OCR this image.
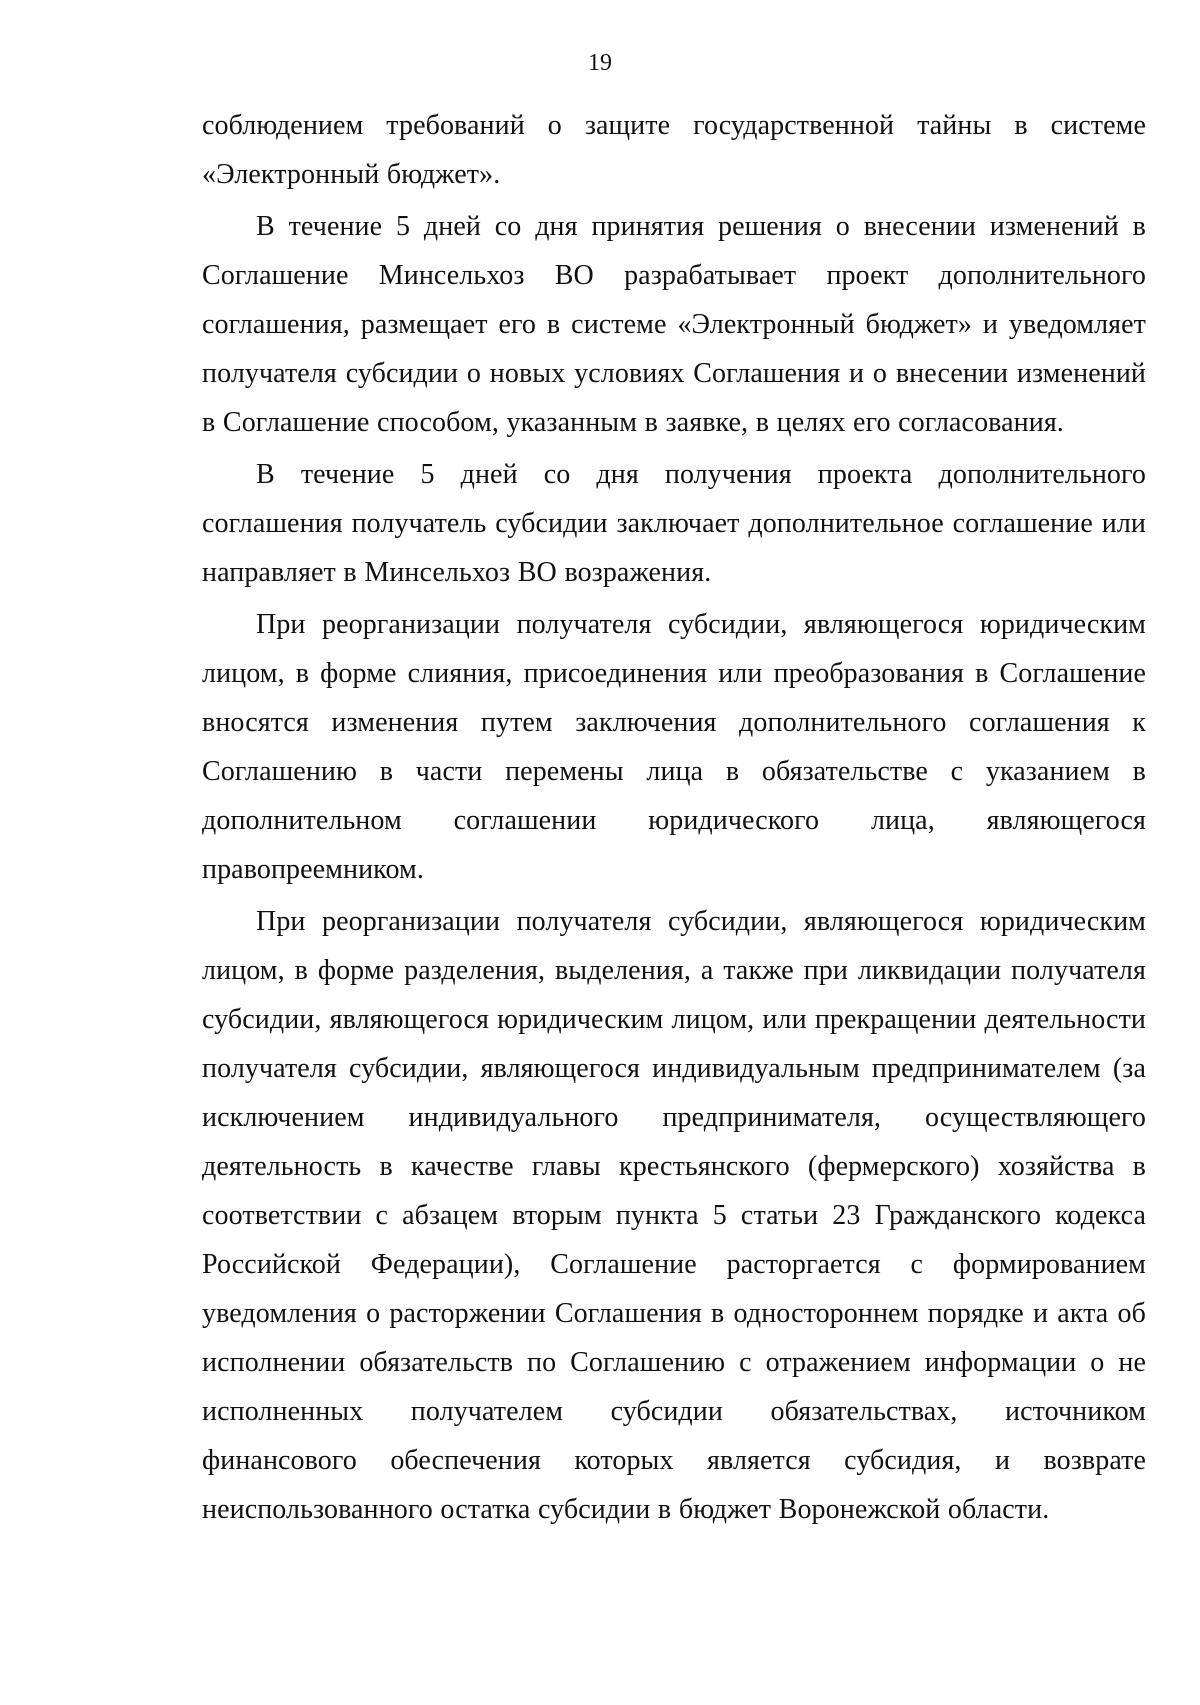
19

соблюдением требований о защите государственной тайны в системе «Электронный бюджет».

В течение 5 дней со дня принятия решения о внесении изменений в Соглашение Минсельхоз ВО разрабатывает проект дополнительного соглашения, размещает его в системе «Электронный бюджет» и уведомляет получателя субсидии о новых условиях Соглашения и о внесении изменений в Соглашение способом, указанным в заявке, в целях его согласования.

В течение 5 дней со дня получения проекта дополнительного соглашения получатель субсидии заключает дополнительное соглашение или направляет в Минсельхоз ВО возражения.

При реорганизации получателя субсидии, являющегося юридическим лицом, в форме слияния, присоединения или преобразования в Соглашение вносятся изменения путем заключения дополнительного соглашения к Соглашению в части перемены лица в обязательстве с указанием в дополнительном соглашении юридического лица, являющегося правопреемником.

При реорганизации получателя субсидии, являющегося юридическим лицом, в форме разделения, выделения, а также при ликвидации получателя субсидии, являющегося юридическим лицом, или прекращении деятельности получателя субсидии, являющегося индивидуальным предпринимателем (за исключением индивидуального предпринимателя, осуществляющего деятельность в качестве главы крестьянского (фермерского) хозяйства в соответствии с абзацем вторым пункта 5 статьи 23 Гражданского кодекса Российской Федерации), Соглашение расторгается с формированием уведомления о расторжении Соглашения в одностороннем порядке и акта об исполнении обязательств по Соглашению с отражением информации о не исполненных получателем субсидии обязательствах, источником финансового обеспечения которых является субсидия, и возврате неиспользованного остатка субсидии в бюджет Воронежской области.
